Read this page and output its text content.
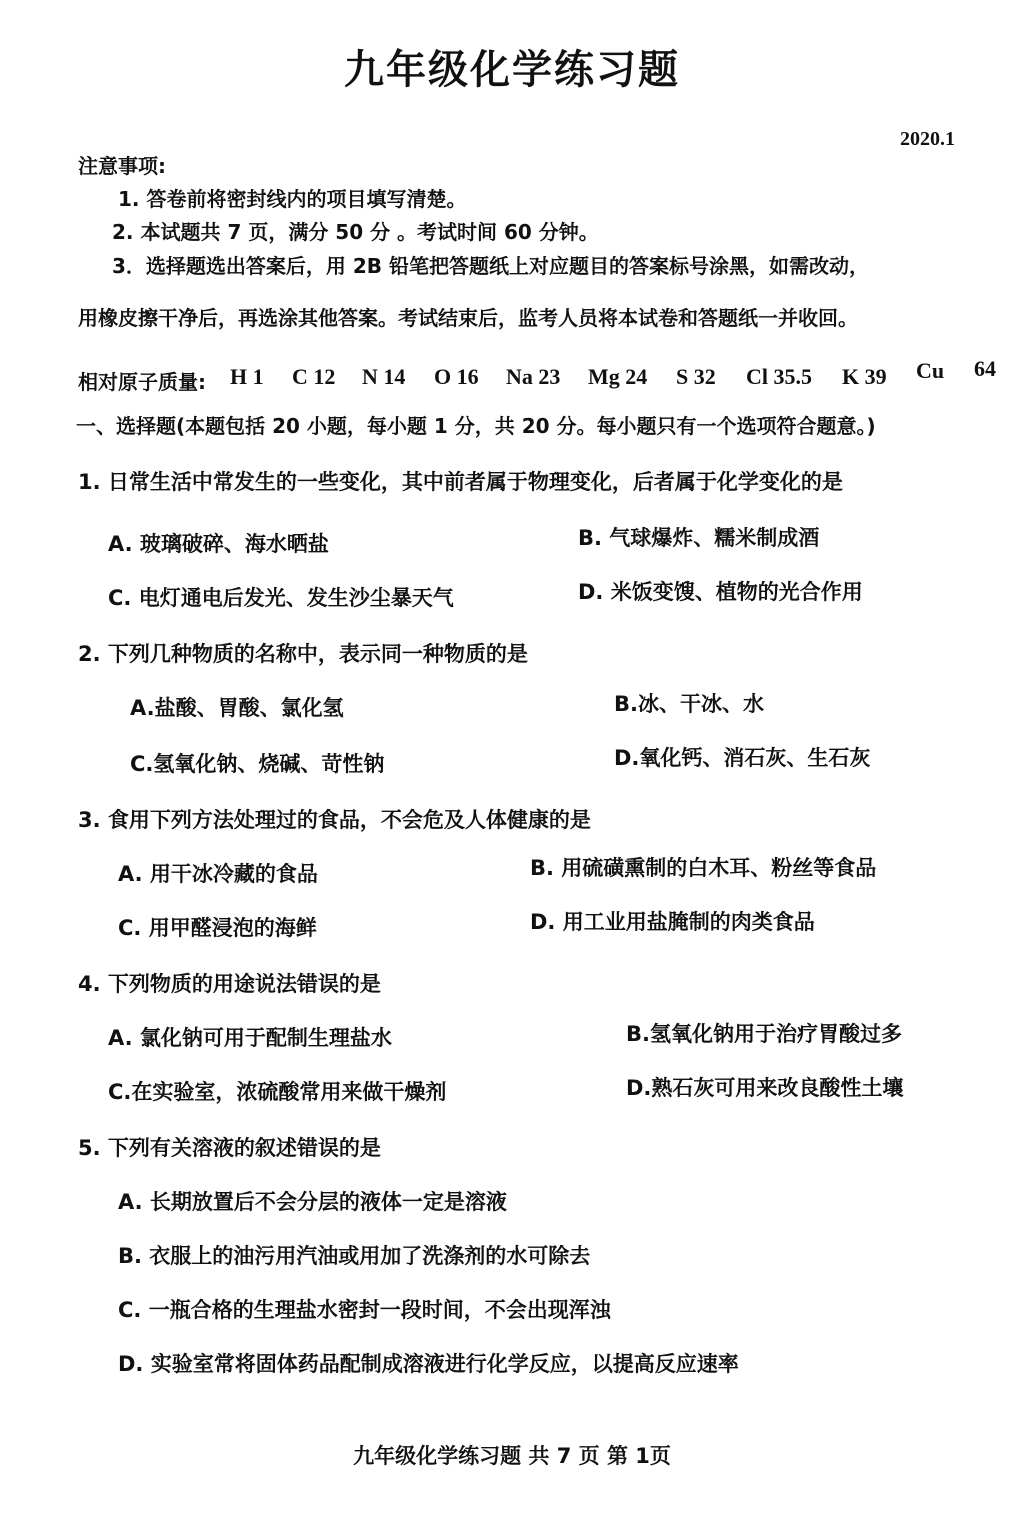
九年级化学练习题
2020.1
注意事项:
1. 答卷前将密封线内的项目填写清楚。
2. 本试题共 7 页，满分 50 分 。考试时间 60 分钟。
3．选择题选出答案后，用 2B 铅笔把答题纸上对应题目的答案标号涂黑，如需改动，
用橡皮擦干净后，再选涂其他答案。考试结束后，监考人员将本试卷和答题纸一并收回。
相对原子质量: H 1 C 12 N 14 O 16 Na 23 Mg 24 S 32 Cl 35.5 K 39 Cu 64
一、选择题(本题包括 20 小题，每小题 1 分，共 20 分。每小题只有一个选项符合题意。)
1. 日常生活中常发生的一些变化，其中前者属于物理变化，后者属于化学变化的是
A. 玻璃破碎、海水晒盐	B. 气球爆炸、糯米制成酒
C. 电灯通电后发光、发生沙尘暴天气	D. 米饭变馊、植物的光合作用
2. 下列几种物质的名称中，表示同一种物质的是
A.盐酸、胃酸、氯化氢	B.冰、干冰、水
C.氢氧化钠、烧碱、苛性钠	D.氧化钙、消石灰、生石灰
3. 食用下列方法处理过的食品，不会危及人体健康的是
A. 用干冰冷藏的食品	B. 用硫磺熏制的白木耳、粉丝等食品
C. 用甲醛浸泡的海鲜	D. 用工业用盐腌制的肉类食品
4. 下列物质的用途说法错误的是
A. 氯化钠可用于配制生理盐水	B.氢氧化钠用于治疗胃酸过多
C.在实验室，浓硫酸常用来做干燥剂	D.熟石灰可用来改良酸性土壤
5. 下列有关溶液的叙述错误的是
A. 长期放置后不会分层的液体一定是溶液
B. 衣服上的油污用汽油或用加了洗涤剂的水可除去
C. 一瓶合格的生理盐水密封一段时间，不会出现浑浊
D. 实验室常将固体药品配制成溶液进行化学反应，以提高反应速率
九年级化学练习题 共 7 页 第 1页
